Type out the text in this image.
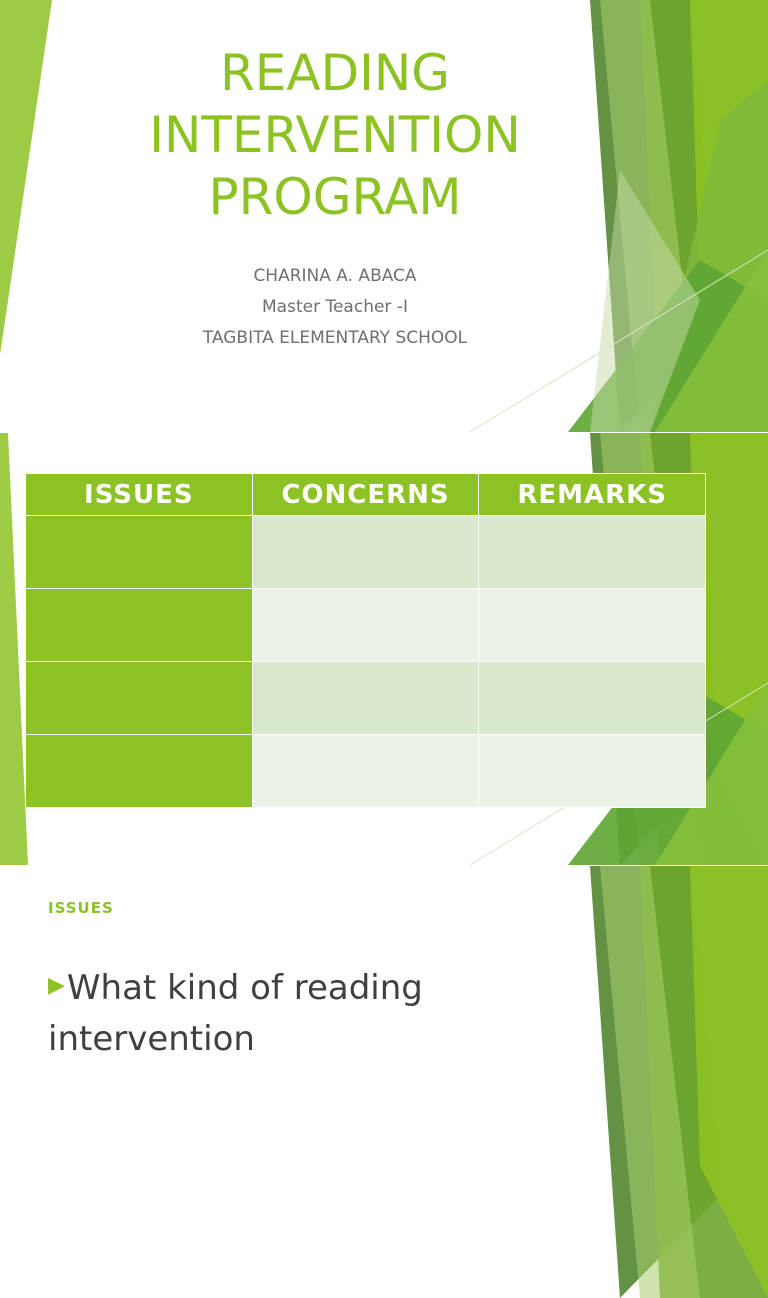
READING
INTERVENTION
PROGRAM
CHARINA A. ABACA
Master Teacher -I
TAGBITA ELEMENTARY SCHOOL
ISSUES	CONCERNS	REMARKS

ISSUES
▶What kind of reading intervention
